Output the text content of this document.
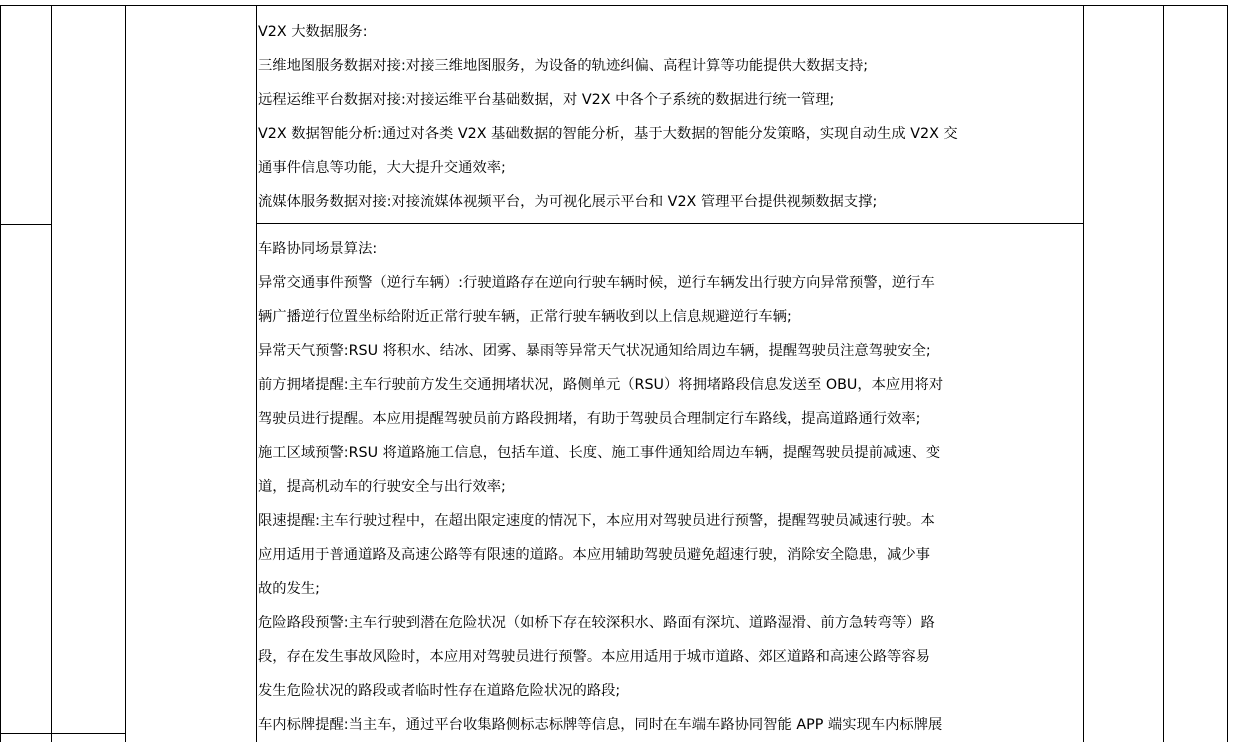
V2X 大数据服务:
三维地图服务数据对接:对接三维地图服务，为设备的轨迹纠偏、高程计算等功能提供大数据支持;
远程运维平台数据对接:对接运维平台基础数据，对 V2X 中各个子系统的数据进行统一管理;
V2X 数据智能分析:通过对各类 V2X 基础数据的智能分析，基于大数据的智能分发策略，实现自动生成 V2X 交
通事件信息等功能，大大提升交通效率;
流媒体服务数据对接:对接流媒体视频平台，为可视化展示平台和 V2X 管理平台提供视频数据支撑;
车路协同场景算法:
异常交通事件预警（逆行车辆）:行驶道路存在逆向行驶车辆时候，逆行车辆发出行驶方向异常预警，逆行车
辆广播逆行位置坐标给附近正常行驶车辆，正常行驶车辆收到以上信息规避逆行车辆;
异常天气预警:RSU 将积水、结冰、团雾、暴雨等异常天气状况通知给周边车辆，提醒驾驶员注意驾驶安全;
前方拥堵提醒:主车行驶前方发生交通拥堵状况，路侧单元（RSU）将拥堵路段信息发送至 OBU，本应用将对
驾驶员进行提醒。本应用提醒驾驶员前方路段拥堵，有助于驾驶员合理制定行车路线，提高道路通行效率;
施工区域预警:RSU 将道路施工信息，包括车道、长度、施工事件通知给周边车辆，提醒驾驶员提前减速、变
道，提高机动车的行驶安全与出行效率;
限速提醒:主车行驶过程中，在超出限定速度的情况下，本应用对驾驶员进行预警，提醒驾驶员减速行驶。本
应用适用于普通道路及高速公路等有限速的道路。本应用辅助驾驶员避免超速行驶，消除安全隐患，减少事
故的发生;
危险路段预警:主车行驶到潜在危险状况（如桥下存在较深积水、路面有深坑、道路湿滑、前方急转弯等）路
段，存在发生事故风险时，本应用对驾驶员进行预警。本应用适用于城市道路、郊区道路和高速公路等容易
发生危险状况的路段或者临时性存在道路危险状况的路段;
车内标牌提醒:当主车，通过平台收集路侧标志标牌等信息，同时在车端车路协同智能 APP 端实现车内标牌展
